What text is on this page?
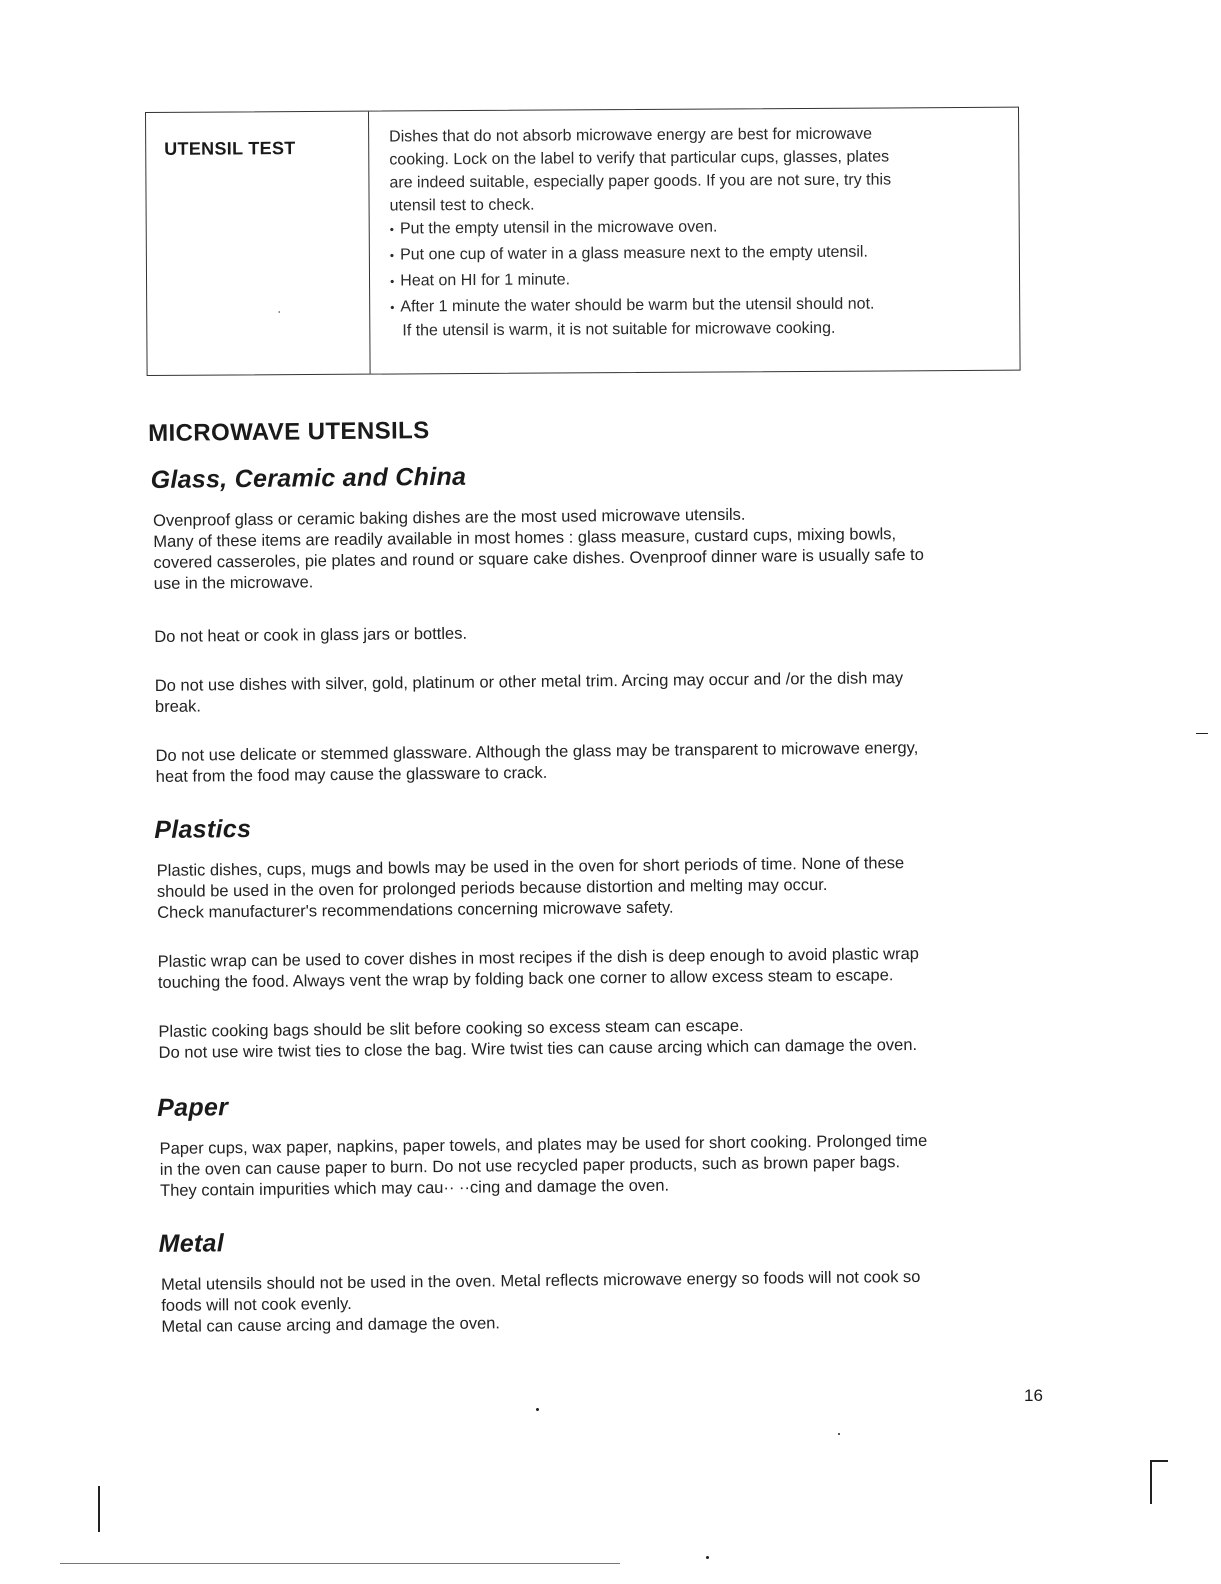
UTENSIL TEST
·

Dishes that do not absorb microwave energy are best for microwave
cooking. Lock on the label to verify that particular cups, glasses, plates
are indeed suitable, especially paper goods. If you are not sure, try this
utensil test to check.

• Put the empty utensil in the microwave oven.
• Put one cup of water in a glass measure next to the empty utensil.
• Heat on HI for 1 minute.
• After 1 minute the water should be warm but the utensil should not.
If the utensil is warm, it is not suitable for microwave cooking.
MICROWAVE UTENSILS
Glass, Ceramic and China
Ovenproof glass or ceramic baking dishes are the most used microwave utensils.
Many of these items are readily available in most homes : glass measure, custard cups, mixing bowls,
covered casseroles, pie plates and round or square cake dishes. Ovenproof dinner ware is usually safe to
use in the microwave.
Do not heat or cook in glass jars or bottles.
Do not use dishes with silver, gold, platinum or other metal trim. Arcing may occur and /or the dish may
break.
Do not use delicate or stemmed glassware. Although the glass may be transparent to microwave energy,
heat from the food may cause the glassware to crack.
Plastics
Plastic dishes, cups, mugs and bowls may be used in the oven for short periods of time. None of these
should be used in the oven for prolonged periods because distortion and melting may occur.
Check manufacturer's recommendations concerning microwave safety.
Plastic wrap can be used to cover dishes in most recipes if the dish is deep enough to avoid plastic wrap
touching the food. Always vent the wrap by folding back one corner to allow excess steam to escape.
Plastic cooking bags should be slit before cooking so excess steam can escape.
Do not use wire twist ties to close the bag. Wire twist ties can cause arcing which can damage the oven.
Paper
Paper cups, wax paper, napkins, paper towels, and plates may be used for short cooking. Prolonged time
in the oven can cause paper to burn. Do not use recycled paper products, such as brown paper bags.
They contain impurities which may cau·· ··cing and damage the oven.
Metal
Metal utensils should not be used in the oven. Metal reflects microwave energy so foods will not cook so
foods will not cook evenly.
Metal can cause arcing and damage the oven.
16
